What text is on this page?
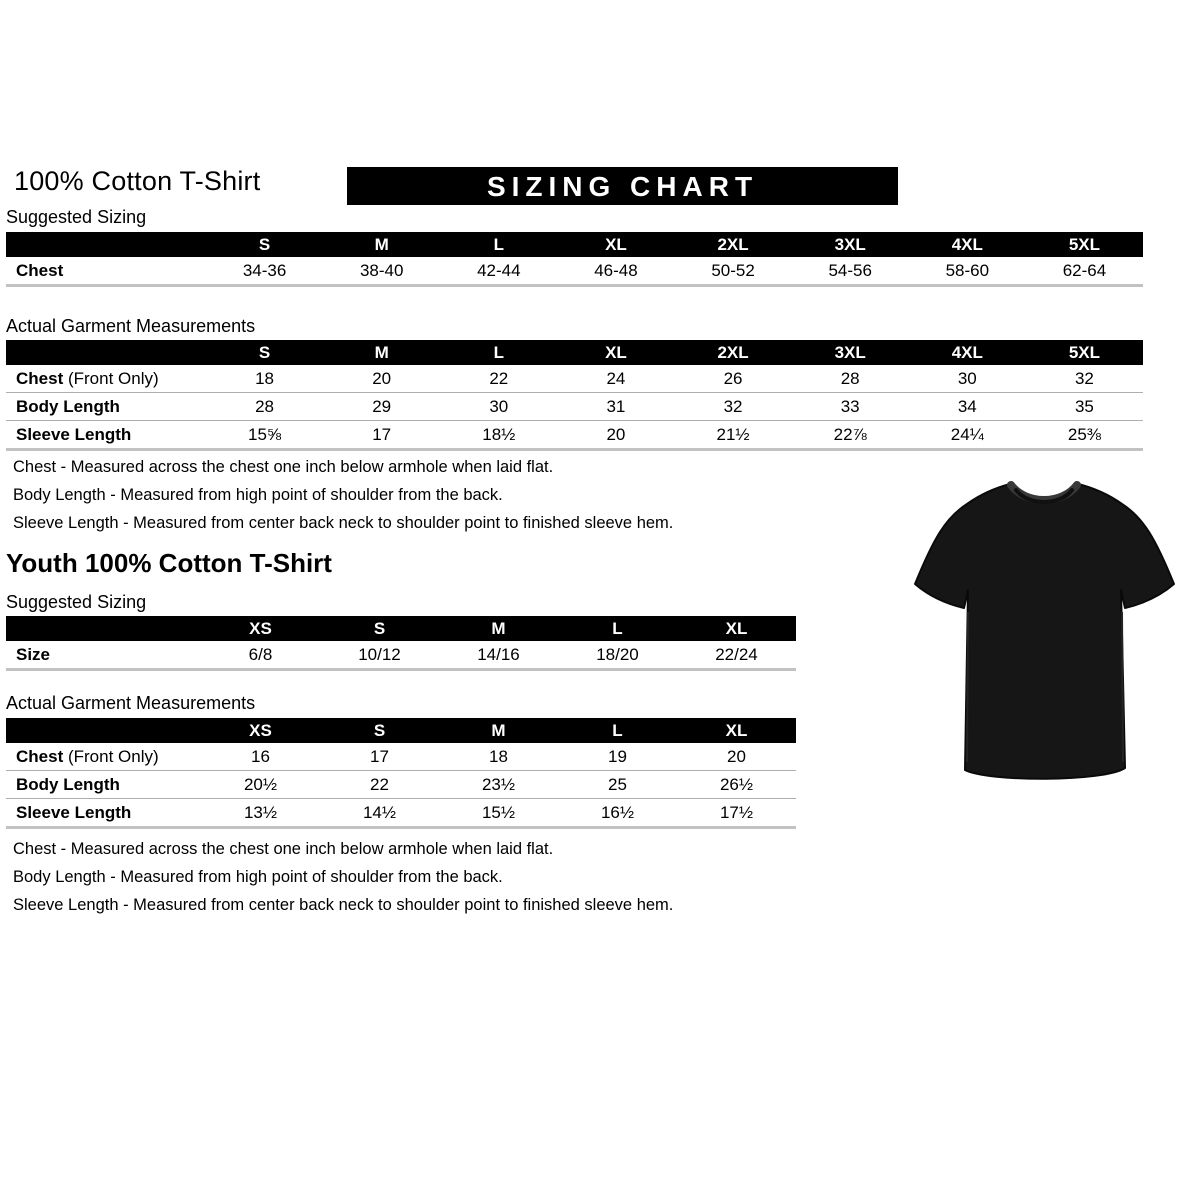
100% Cotton T-Shirt	SIZING CHART
Suggested Sizing
	S	M	L	XL	2XL	3XL	4XL	5XL
Chest	34-36	38-40	42-44	46-48	50-52	54-56	58-60	62-64
Actual Garment Measurements
	S	M	L	XL	2XL	3XL	4XL	5XL
Chest (Front Only)	18	20	22	24	26	28	30	32
Body Length	28	29	30	31	32	33	34	35
Sleeve Length	15⅝	17	18½	20	21½	22⅞	24¼	25⅜

Chest - Measured across the chest one inch below armhole when laid flat.

Body Length - Measured from high point of shoulder from the back.

Sleeve Length - Measured from center back neck to shoulder point to finished sleeve hem.

Youth 100% Cotton T-Shirt
Suggested Sizing
	XS	S	M	L	XL
Size	6/8	10/12	14/16	18/20	22/24
Actual Garment Measurements
	XS	S	M	L	XL
Chest (Front Only)	16	17	18	19	20
Body Length	20½	22	23½	25	26½
Sleeve Length	13½	14½	15½	16½	17½

Chest - Measured across the chest one inch below armhole when laid flat.

Body Length - Measured from high point of shoulder from the back.

Sleeve Length - Measured from center back neck to shoulder point to finished sleeve hem.
